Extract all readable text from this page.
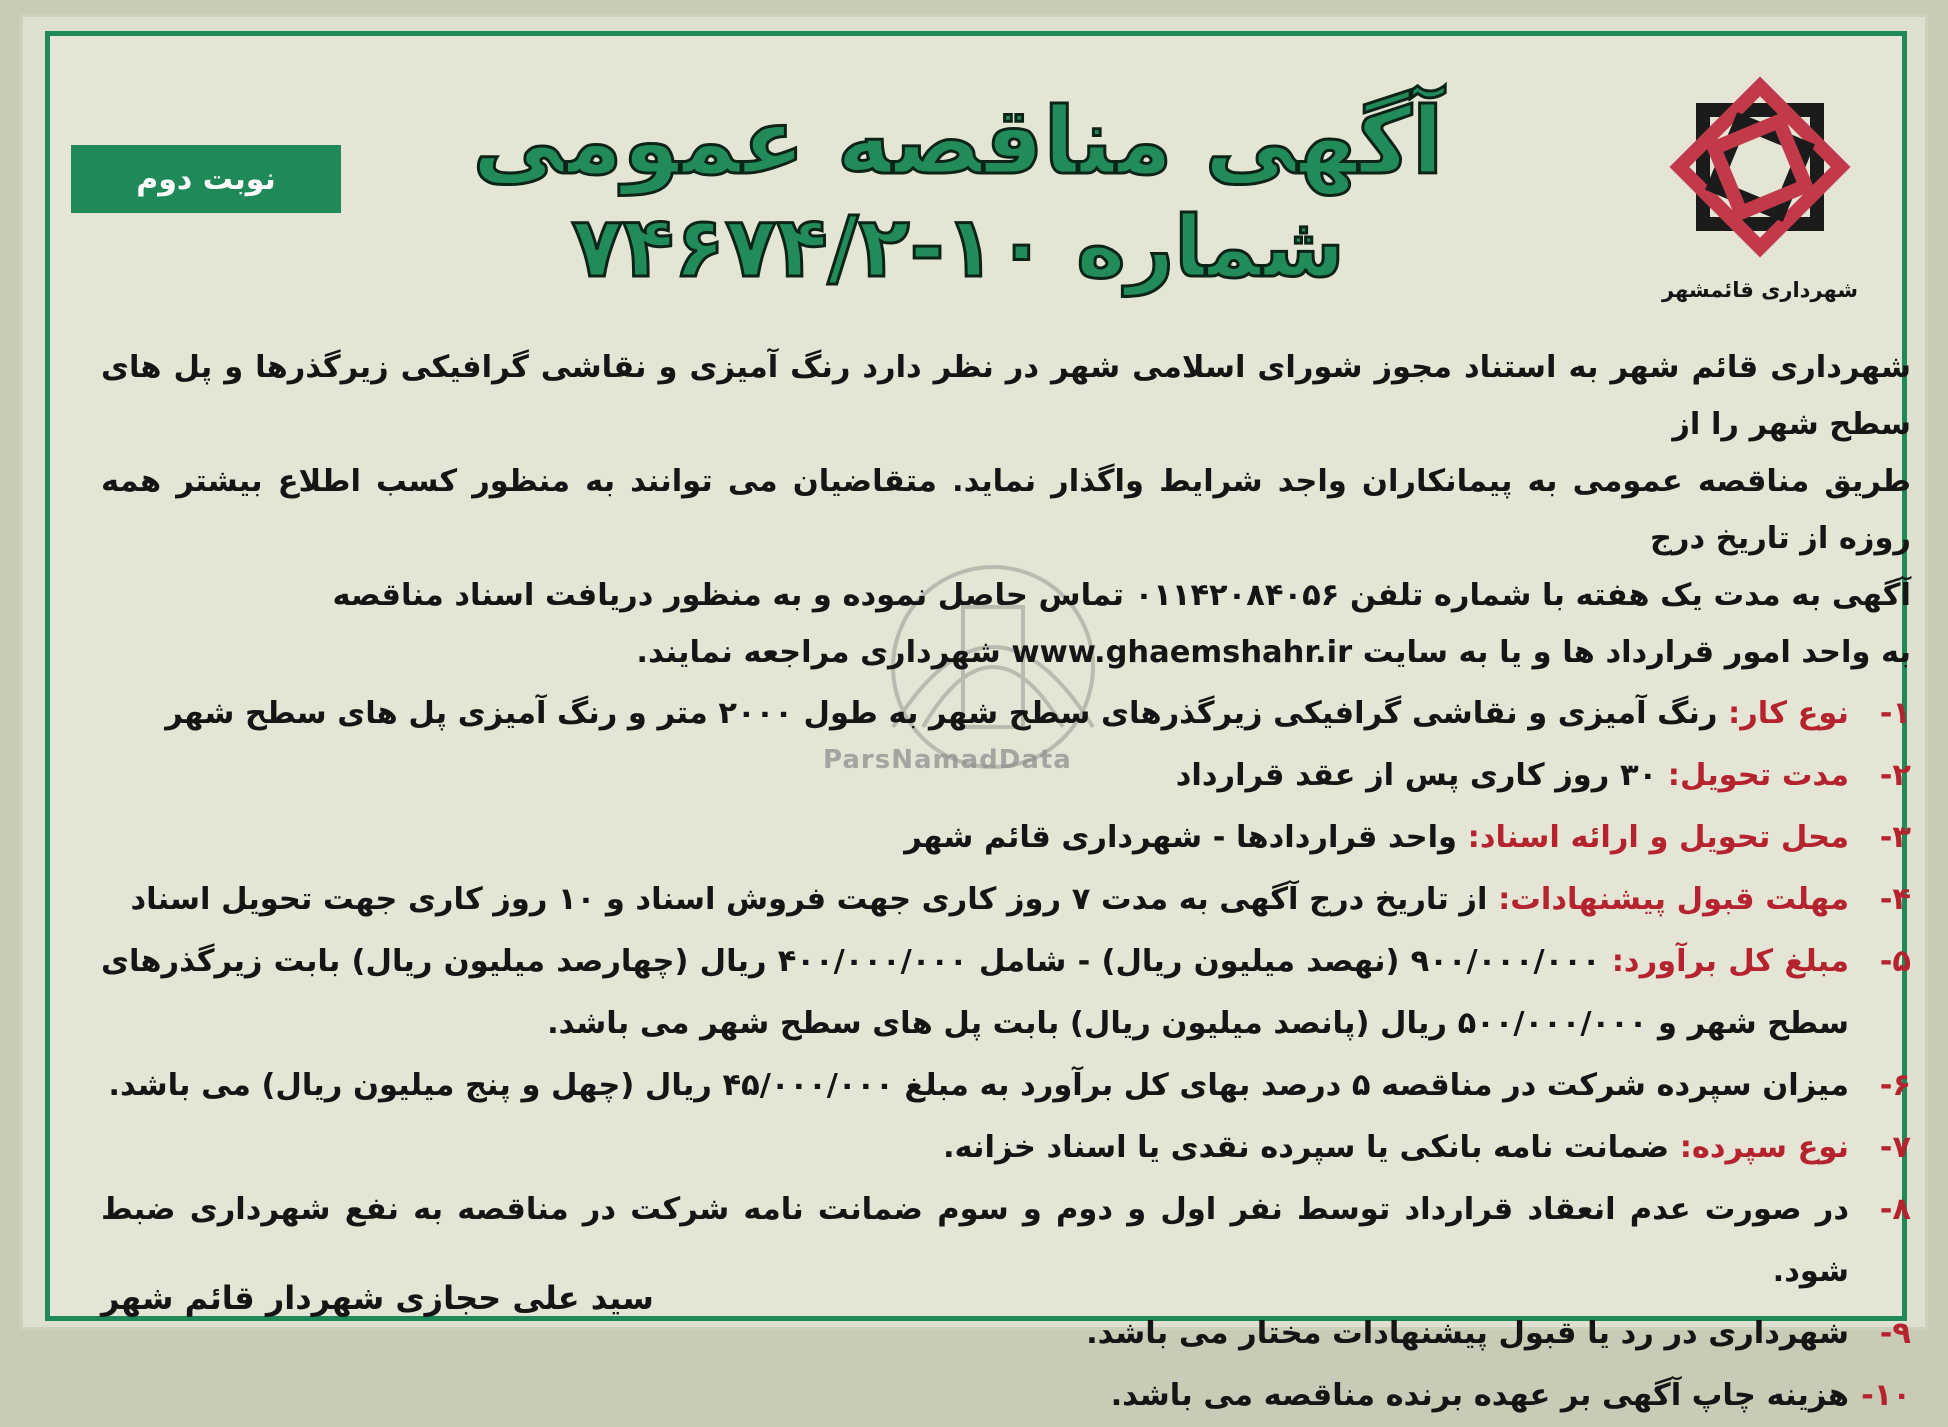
نوبت دوم	آگهی مناقصه عمومی
شماره ۱۰-۷۴۶۷۴/۲	شهرداری قائمشهر
ParsNamadData

شهرداری قائم شهر به استناد مجوز شورای اسلامی شهر در نظر دارد رنگ آمیزی و نقاشی گرافیکی زیرگذرها و پل های سطح شهر را از

طریق مناقصه عمومی به پیمانکاران واجد شرایط واگذار نماید. متقاضیان می توانند به منظور کسب اطلاع بیشتر همه روزه از تاریخ درج

آگهی به مدت یک هفته با شماره تلفن ۰۱۱۴۲۰۸۴۰۵۶ تماس حاصل نموده و به منظور دریافت اسناد مناقصه

به واحد امور قرارداد ها و یا به سایت www.ghaemshahr.ir شهرداری مراجعه نمایند.

۱-
نوع کار: رنگ آمیزی و نقاشی گرافیکی زیرگذرهای سطح شهر به طول ۲۰۰۰ متر و رنگ آمیزی پل های سطح شهر
۲-
مدت تحویل: ۳۰ روز کاری پس از عقد قرارداد
۳-
محل تحویل و ارائه اسناد: واحد قراردادها - شهرداری قائم شهر
۴-
مهلت قبول پیشنهادات: از تاریخ درج آگهی به مدت ۷ روز کاری جهت فروش اسناد و ۱۰ روز کاری جهت تحویل اسناد
۵-
مبلغ کل برآورد: ۹۰۰/۰۰۰/۰۰۰ (نهصد میلیون ریال) - شامل ۴۰۰/۰۰۰/۰۰۰ ریال (چهارصد میلیون ریال) بابت زیرگذرهای سطح شهر و ۵۰۰/۰۰۰/۰۰۰ ریال (پانصد میلیون ریال) بابت پل های سطح شهر می باشد.
۶-
میزان سپرده شرکت در مناقصه ۵ درصد بهای کل برآورد به مبلغ ۴۵/۰۰۰/۰۰۰ ریال (چهل و پنج میلیون ریال) می باشد.
۷-
نوع سپرده: ضمانت نامه بانکی یا سپرده نقدی یا اسناد خزانه.
۸-
در صورت عدم انعقاد قرارداد توسط نفر اول و دوم و سوم ضمانت نامه شرکت در مناقصه به نفع شهرداری ضبط شود.
۹-
شهرداری در رد یا قبول پیشنهادات مختار می باشد.
۱۰-
هزینه چاپ آگهی بر عهده برنده مناقصه می باشد.
سید علی حجازی شهردار قائم شهر
